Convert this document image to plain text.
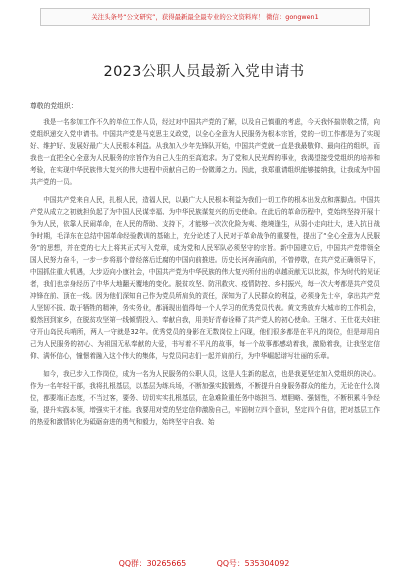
关注头条号“公文研究”，获得最新最全最专业的公文资料库！ 微信：gongwen1
2023公职人员最新入党申请书
尊敬的党组织：

我是一名参加工作不久的单位工作人员，经过对中国共产党的了解，以及自己慎重的考虑，今天我怀揣崇敬之情，向党组织递交入党申请书。中国共产党是马克思主义政党，以全心全意为人民服务为根本宗旨，党的一切工作都是为了实现好、维护好、发展好最广大人民根本利益。从我加入少年先锋队开始，中国共产党就一直是我最敬仰、最向往的组织，而我也一直把全心全意为人民服务的宗旨作为自己人生的至高追求。为了党和人民光辉的事业，我渴望接受党组织的培养和考验，在实现中华民族伟大复兴的伟大进程中贡献自己的一份微薄之力。因此，我郑重请组织能够接纳我，让我成为中国共产党的一员。

中国共产党来自人民，扎根人民，造福人民，以最广大人民根本利益为我们一切工作的根本出发点和落脚点。中国共产党从成立之初就担负起了为中国人民谋幸福、为中华民族谋复兴的历史使命。在此后的革命历程中，党始终坚持开展十争为人民，依靠人民闹革命，在人民的帮助、支持下，才能够一次次化险为夷、绝境逢生，从弱小走向壮大，进入抗日战争时期，毛泽东在总结中国革命经验教训的基础上，充分论述了人民对于革命战争的重要性，提出了“全心全意为人民服务”的思想，并在党的七大上将其正式写入党章，成为党和人民军队必须坚守的宗旨。新中国建立后，中国共产党带领全国人民努力奋斗，一步一步将那个曾经落后迁腐的中国向前推进。历史长河奔涌向前，不曾停歇，在共产党正确领导下，中国抓住重大机遇，大步迈向小康社会，中国共产党为中华民族的伟大复兴所付出的卓越贡献无以比拟，作为时代的见证者，我们也亲身经历了中华大地翻天覆地的变化。脱贫攻坚、防汛救灾、疫情防控、乡村振兴，每一次大考都是共产党员冲锋在前、顶在一线。因为他们深知自己作为党员所肩负的责任，深知为了人民群众的利益，必须身先士卒，拿出共产党人坚韧不拔、敢于牺牲的精神，务实务业，都涌现出值得每一个人学习的优秀党员代表。黄文秀放弃大城市的工作机会，毅然回到家乡，在脱贫攻坚第一线倾情投入、奉献自我，用美好青春诠释了共产党人的初心使命。王继才、王仕花夫妇驻守开山岛民兵哨所，两人一守就是32年。优秀党员的身影在无数岗位上闪现，他们很多都是在平凡的岗位，但是却用自己为人民服务的初心、为祖国无私奉献的大爱，书写着不平凡的故事，每一个故事都感动着我，激励着我，让我坚定信仰、满怀信心，憧憬着融入这个伟大的集体，与党员同志们一起并肩前行，为中华崛起谱写壮丽的乐章。

如今，我已步入工作岗位，成为一名为人民服务的公职人员，这是人生新的起点，也是我更坚定加入党组织的决心。作为一名年轻干部，我将扎根基层，以基层为练兵场，不断加强实践锻炼，不断提升自身服务群众的能力，无论在什么岗位，都要端正态度，不当过客，要务、切切实实扎根基层，在急难险重任务中练担当、增胆略、强韧性，不断积累斗争经验，提升实践本领，增强实干才能。我要用对党的坚定信仰激励自己，牢固树立四个意识，坚定四个自信，把对基层工作的热爱和激情转化为砥砺奋进的勇气和毅力，始终坚守自我、始

QQ群：30265665	QQ号：535304092
